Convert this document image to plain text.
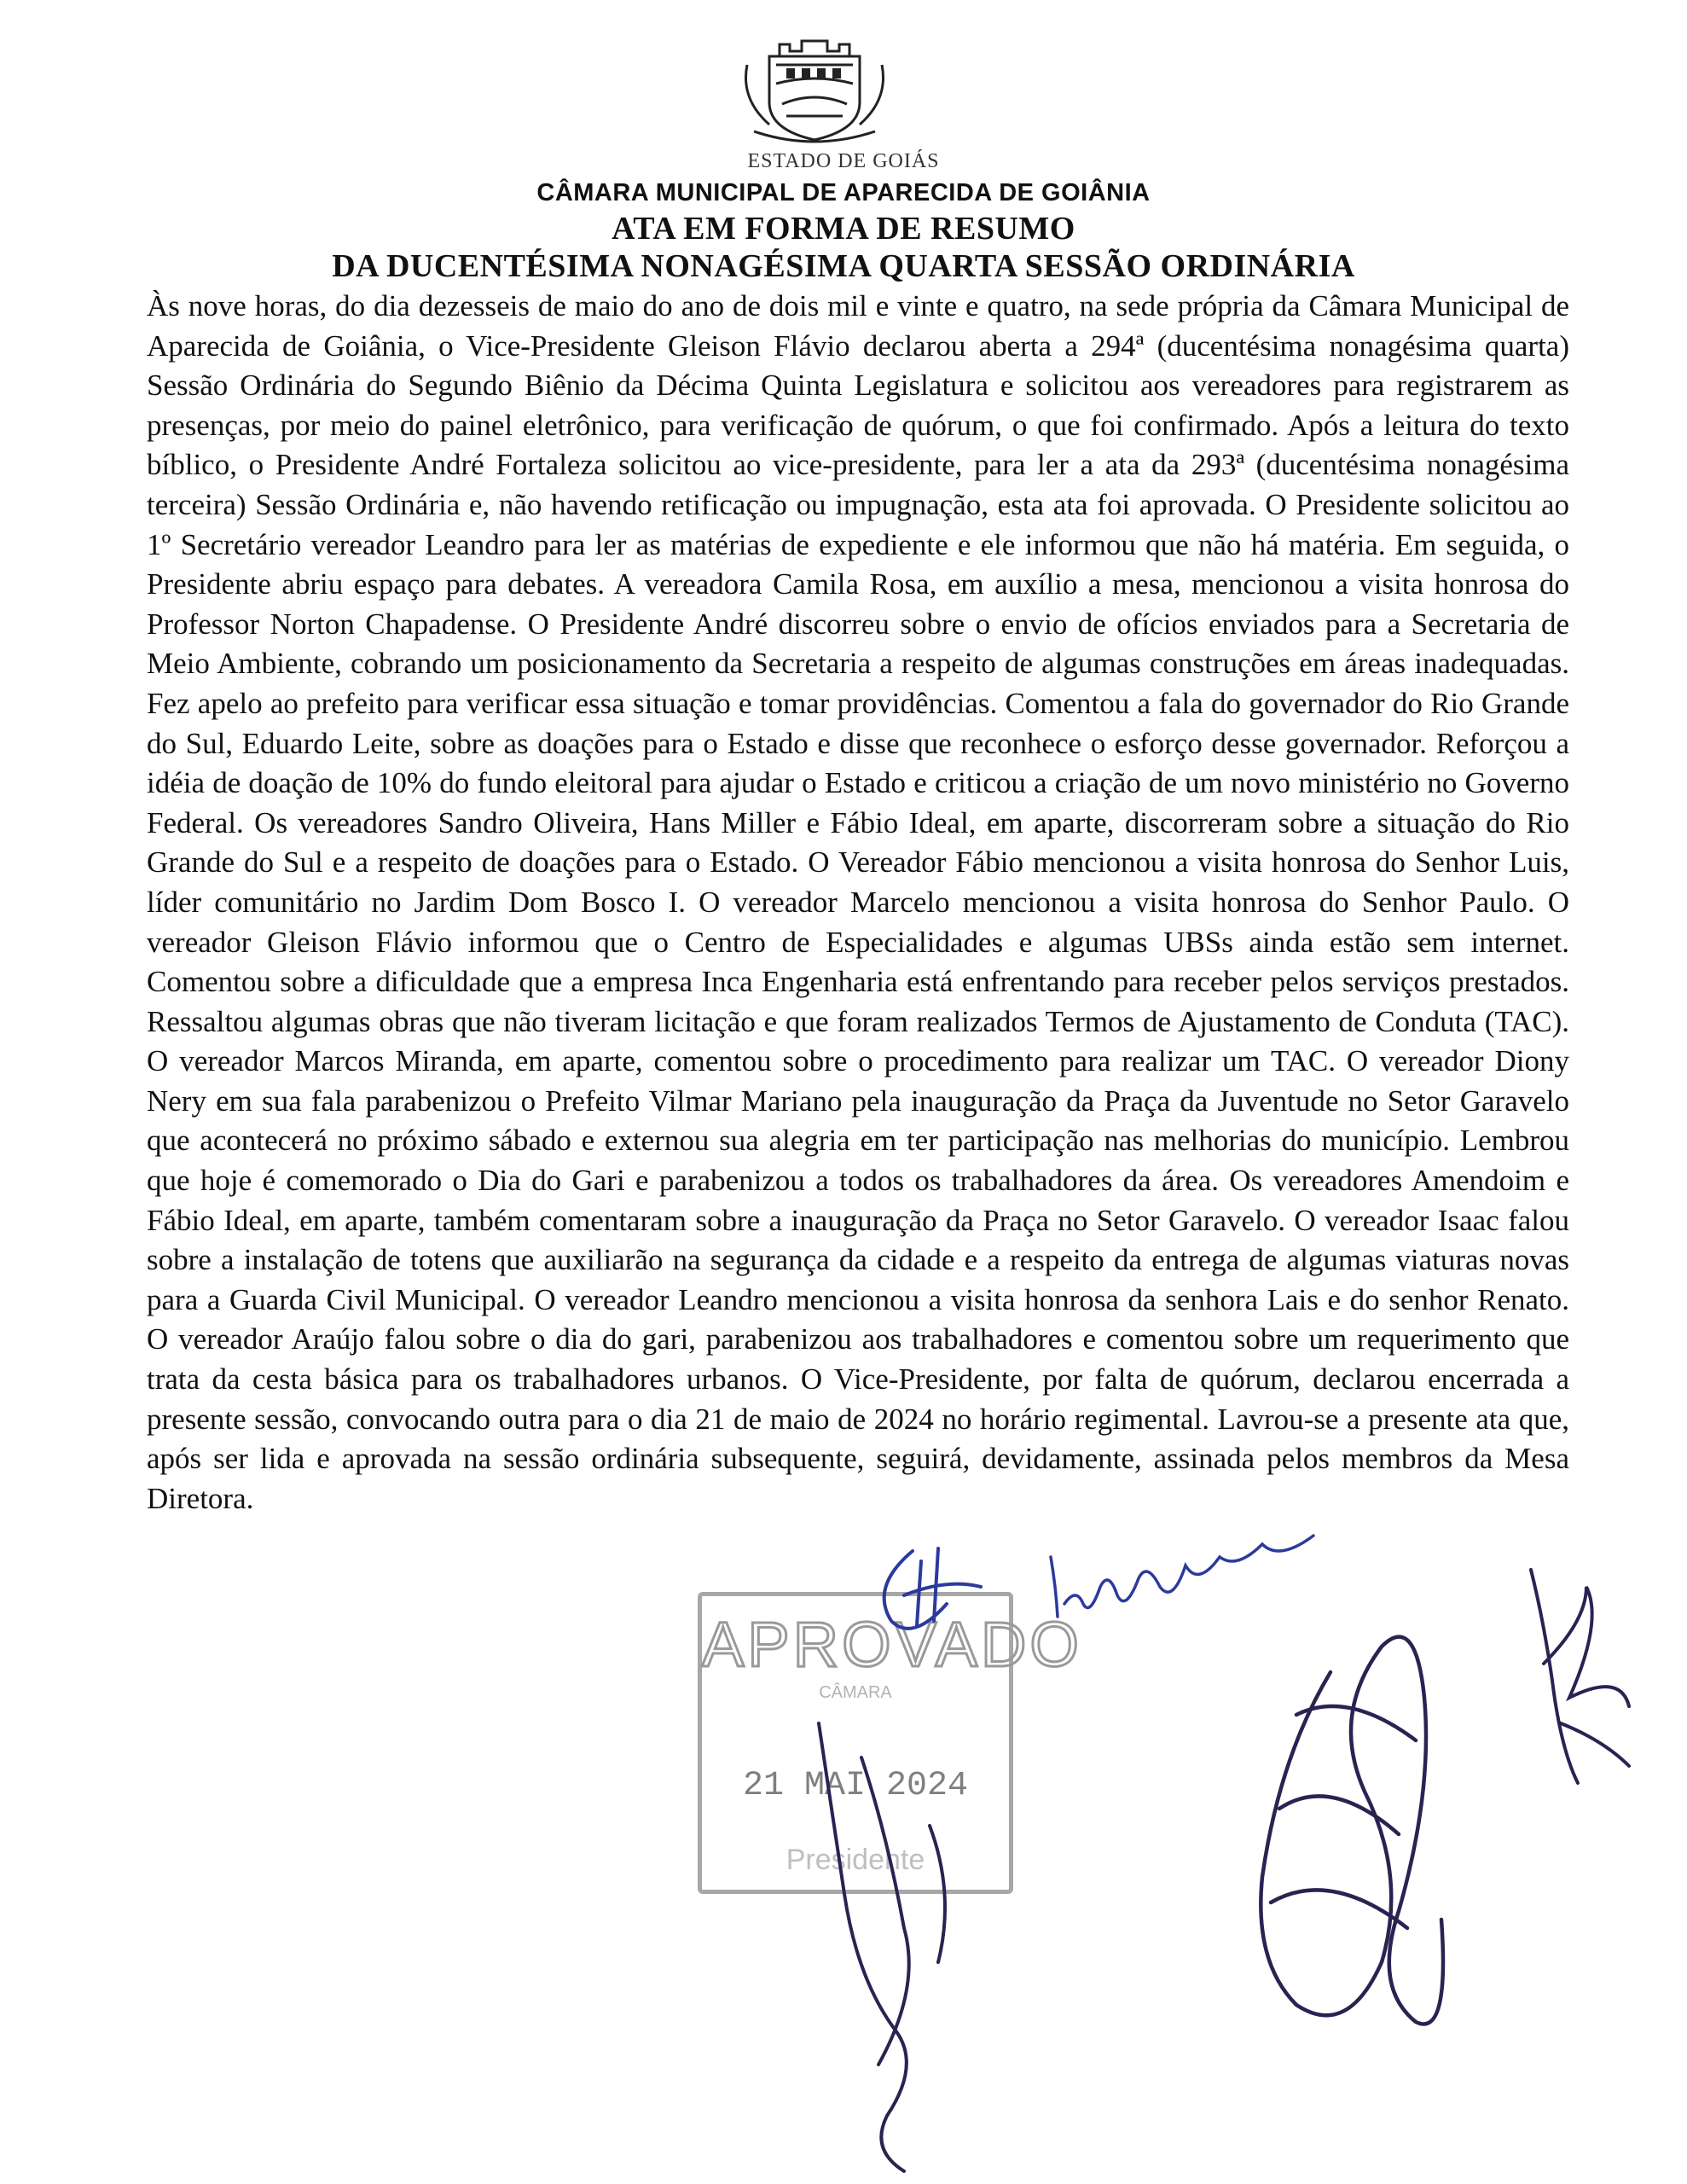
ESTADO DE GOIÁS
CÂMARA MUNICIPAL DE APARECIDA DE GOIÂNIA
ATA EM FORMA DE RESUMO
DA DUCENTÉSIMA NONAGÉSIMA QUARTA SESSÃO ORDINÁRIA

Às nove horas, do dia dezesseis de maio do ano de dois mil e vinte e quatro, na sede própria da Câmara Municipal de Aparecida de Goiânia, o Vice-Presidente Gleison Flávio declarou aberta a 294ª (ducentésima nonagésima quarta) Sessão Ordinária do Segundo Biênio da Décima Quinta Legislatura e solicitou aos vereadores para registrarem as presenças, por meio do painel eletrônico, para verificação de quórum, o que foi confirmado. Após a leitura do texto bíblico, o Presidente André Fortaleza solicitou ao vice-presidente, para ler a ata da 293ª (ducentésima nonagésima terceira) Sessão Ordinária e, não havendo retificação ou impugnação, esta ata foi aprovada. O Presidente solicitou ao 1º Secretário vereador Leandro para ler as matérias de expediente e ele informou que não há matéria. Em seguida, o Presidente abriu espaço para debates. A vereadora Camila Rosa, em auxílio a mesa, mencionou a visita honrosa do Professor Norton Chapadense. O Presidente André discorreu sobre o envio de ofícios enviados para a Secretaria de Meio Ambiente, cobrando um posicionamento da Secretaria a respeito de algumas construções em áreas inadequadas. Fez apelo ao prefeito para verificar essa situação e tomar providências. Comentou a fala do governador do Rio Grande do Sul, Eduardo Leite, sobre as doações para o Estado e disse que reconhece o esforço desse governador. Reforçou a idéia de doação de 10% do fundo eleitoral para ajudar o Estado e criticou a criação de um novo ministério no Governo Federal. Os vereadores Sandro Oliveira, Hans Miller e Fábio Ideal, em aparte, discorreram sobre a situação do Rio Grande do Sul e a respeito de doações para o Estado. O Vereador Fábio mencionou a visita honrosa do Senhor Luis, líder comunitário no Jardim Dom Bosco I. O vereador Marcelo mencionou a visita honrosa do Senhor Paulo. O vereador Gleison Flávio informou que o Centro de Especialidades e algumas UBSs ainda estão sem internet. Comentou sobre a dificuldade que a empresa Inca Engenharia está enfrentando para receber pelos serviços prestados. Ressaltou algumas obras que não tiveram licitação e que foram realizados Termos de Ajustamento de Conduta (TAC). O vereador Marcos Miranda, em aparte, comentou sobre o procedimento para realizar um TAC. O vereador Diony Nery em sua fala parabenizou o Prefeito Vilmar Mariano pela inauguração da Praça da Juventude no Setor Garavelo que acontecerá no próximo sábado e externou sua alegria em ter participação nas melhorias do município. Lembrou que hoje é comemorado o Dia do Gari e parabenizou a todos os trabalhadores da área. Os vereadores Amendoim e Fábio Ideal, em aparte, também comentaram sobre a inauguração da Praça no Setor Garavelo. O vereador Isaac falou sobre a instalação de totens que auxiliarão na segurança da cidade e a respeito da entrega de algumas viaturas novas para a Guarda Civil Municipal. O vereador Leandro mencionou a visita honrosa da senhora Lais e do senhor Renato. O vereador Araújo falou sobre o dia do gari, parabenizou aos trabalhadores e comentou sobre um requerimento que trata da cesta básica para os trabalhadores urbanos. O Vice-Presidente, por falta de quórum, declarou encerrada a presente sessão, convocando outra para o dia 21 de maio de 2024 no horário regimental. Lavrou-se a presente ata que, após ser lida e aprovada na sessão ordinária subsequente, seguirá, devidamente, assinada pelos membros da Mesa Diretora.

APROVADO
CÂMARA
21 MAI 2024
Presidente
